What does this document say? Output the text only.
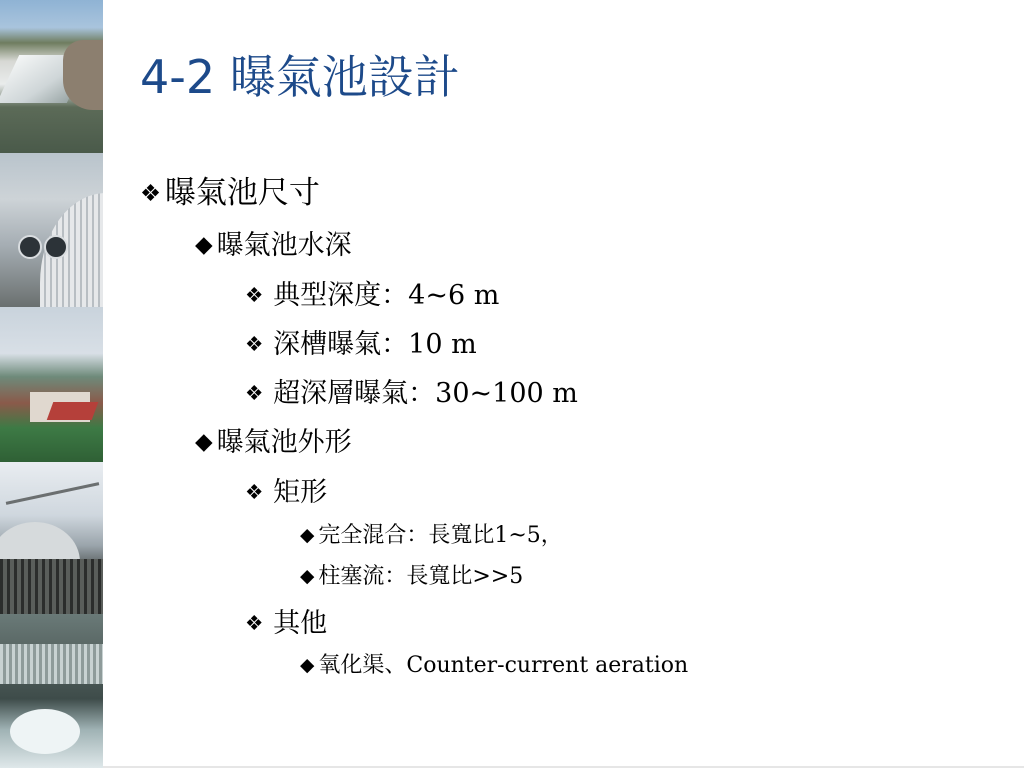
4-2 曝氣池設計
❖ 曝氣池尺寸
◆ 曝氣池水深
❖ 典型深度：4~6 m
❖ 深槽曝氣：10 m
❖ 超深層曝氣：30~100 m
◆ 曝氣池外形
❖ 矩形
◆ 完全混合：長寬比1~5，
◆ 柱塞流：長寬比>>5
❖ 其他
◆ 氧化渠、Counter-current aeration
